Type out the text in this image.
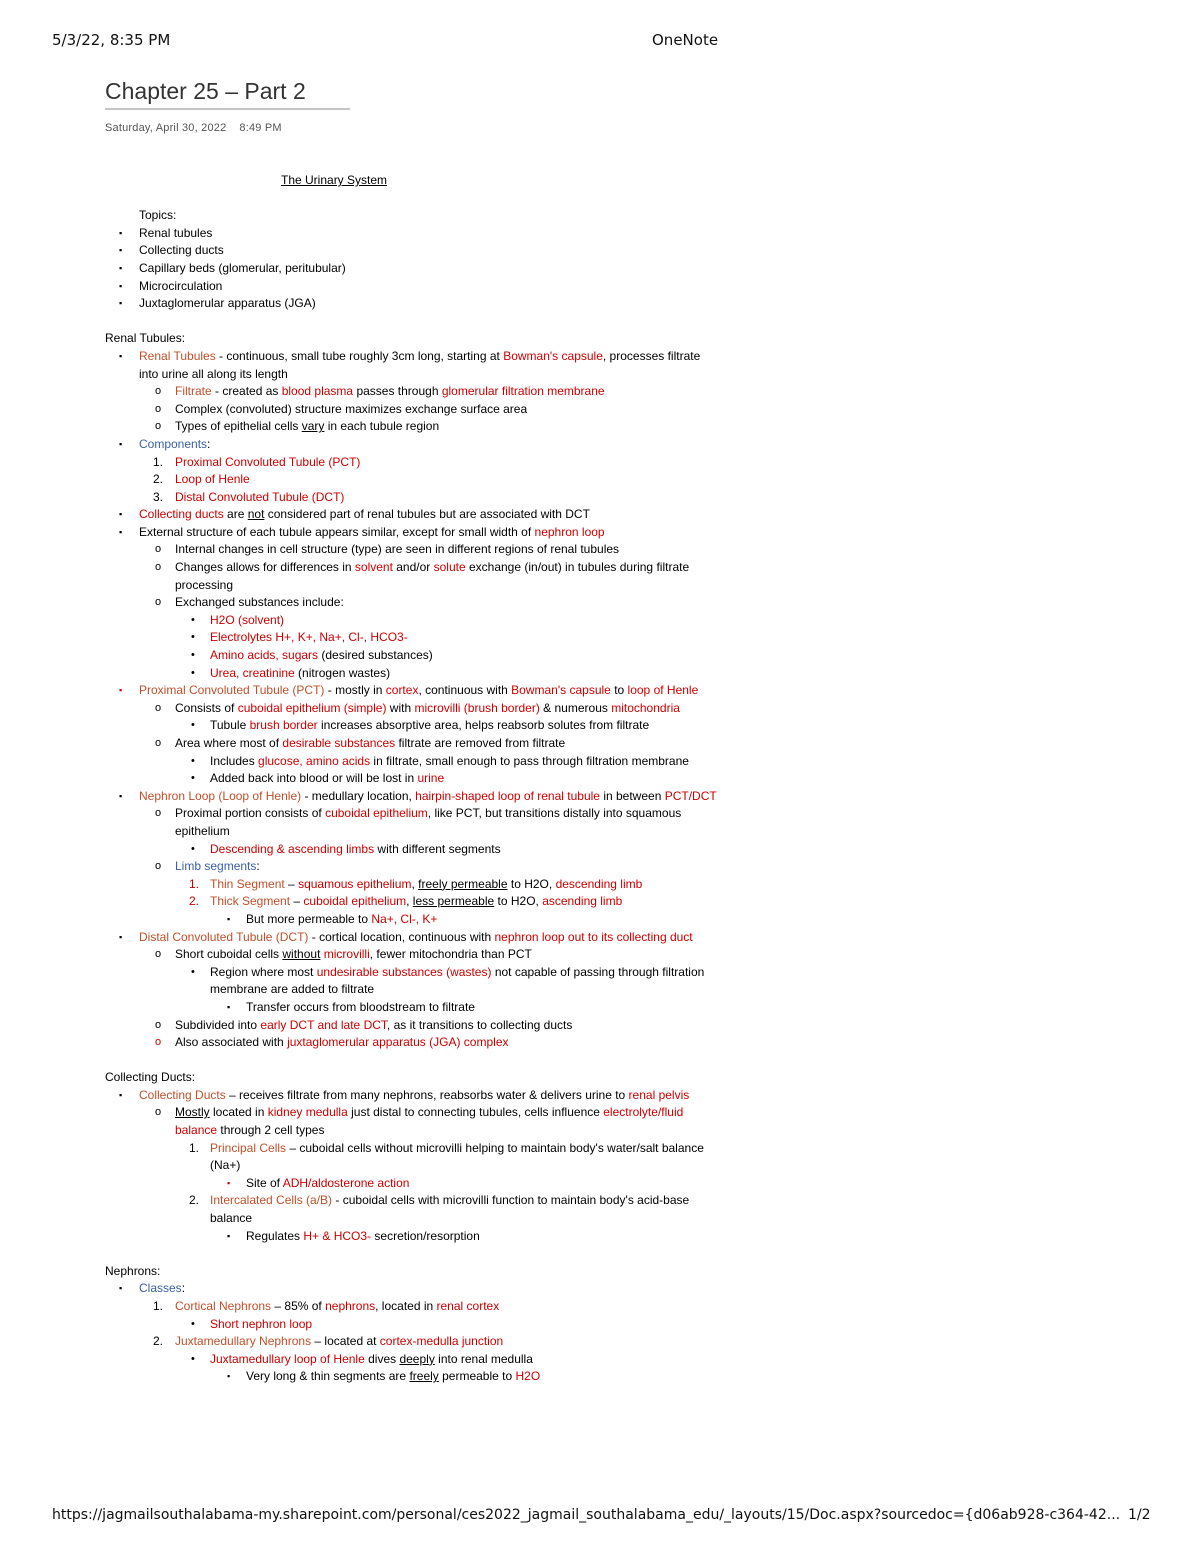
5/3/22, 8:35 PM	OneNote
Chapter 25 – Part 2
Saturday, April 30, 2022    8:49 PM
The Urinary System

Topics:
▪ Renal tubules
▪ Collecting ducts
▪ Capillary beds (glomerular, peritubular)
▪ Microcirculation
▪ Juxtaglomerular apparatus (JGA)

Renal Tubules:
▪ Renal Tubules - continuous, small tube roughly 3cm long, starting at Bowman's capsule, processes filtrate into urine all along its length
o Filtrate - created as blood plasma passes through glomerular filtration membrane
o Complex (convoluted) structure maximizes exchange surface area
o Types of epithelial cells vary in each tubule region
▪ Components:
1. Proximal Convoluted Tubule (PCT)
2. Loop of Henle
3. Distal Convoluted Tubule (DCT)
▪ Collecting ducts are not considered part of renal tubules but are associated with DCT
▪ External structure of each tubule appears similar, except for small width of nephron loop
o Internal changes in cell structure (type) are seen in different regions of renal tubules
o Changes allows for differences in solvent and/or solute exchange (in/out) in tubules during filtrate processing
o Exchanged substances include:
• H2O (solvent)
• Electrolytes H+, K+, Na+, Cl-, HCO3-
• Amino acids, sugars (desired substances)
• Urea, creatinine (nitrogen wastes)
▪ Proximal Convoluted Tubule (PCT) - mostly in cortex, continuous with Bowman's capsule to loop of Henle
o Consists of cuboidal epithelium (simple) with microvilli (brush border) & numerous mitochondria
• Tubule brush border increases absorptive area, helps reabsorb solutes from filtrate
o Area where most of desirable substances filtrate are removed from filtrate
• Includes glucose, amino acids in filtrate, small enough to pass through filtration membrane
• Added back into blood or will be lost in urine
▪ Nephron Loop (Loop of Henle) - medullary location, hairpin-shaped loop of renal tubule in between PCT/DCT
o Proximal portion consists of cuboidal epithelium, like PCT, but transitions distally into squamous epithelium
• Descending & ascending limbs with different segments
o Limb segments:
1. Thin Segment – squamous epithelium, freely permeable to H2O, descending limb
2. Thick Segment – cuboidal epithelium, less permeable to H2O, ascending limb
▪ But more permeable to Na+, Cl-, K+
▪ Distal Convoluted Tubule (DCT) - cortical location, continuous with nephron loop out to its collecting duct
o Short cuboidal cells without microvilli, fewer mitochondria than PCT
• Region where most undesirable substances (wastes) not capable of passing through filtration membrane are added to filtrate
▪ Transfer occurs from bloodstream to filtrate
o Subdivided into early DCT and late DCT, as it transitions to collecting ducts
o Also associated with juxtaglomerular apparatus (JGA) complex

Collecting Ducts:
▪ Collecting Ducts – receives filtrate from many nephrons, reabsorbs water & delivers urine to renal pelvis
o Mostly located in kidney medulla just distal to connecting tubules, cells influence electrolyte/fluid balance through 2 cell types
1. Principal Cells – cuboidal cells without microvilli helping to maintain body's water/salt balance (Na+)
▪ Site of ADH/aldosterone action
2. Intercalated Cells (a/B) - cuboidal cells with microvilli function to maintain body's acid-base balance
▪ Regulates H+ & HCO3- secretion/resorption

Nephrons:
▪ Classes:
1. Cortical Nephrons – 85% of nephrons, located in renal cortex
• Short nephron loop
2. Juxtamedullary Nephrons – located at cortex-medulla junction
• Juxtamedullary loop of Henle dives deeply into renal medulla
▪ Very long & thin segments are freely permeable to H2O
https://jagmailsouthalabama-my.sharepoint.com/personal/ces2022_jagmail_southalabama_edu/_layouts/15/Doc.aspx?sourcedoc={d06ab928-c364-42... 1/2
